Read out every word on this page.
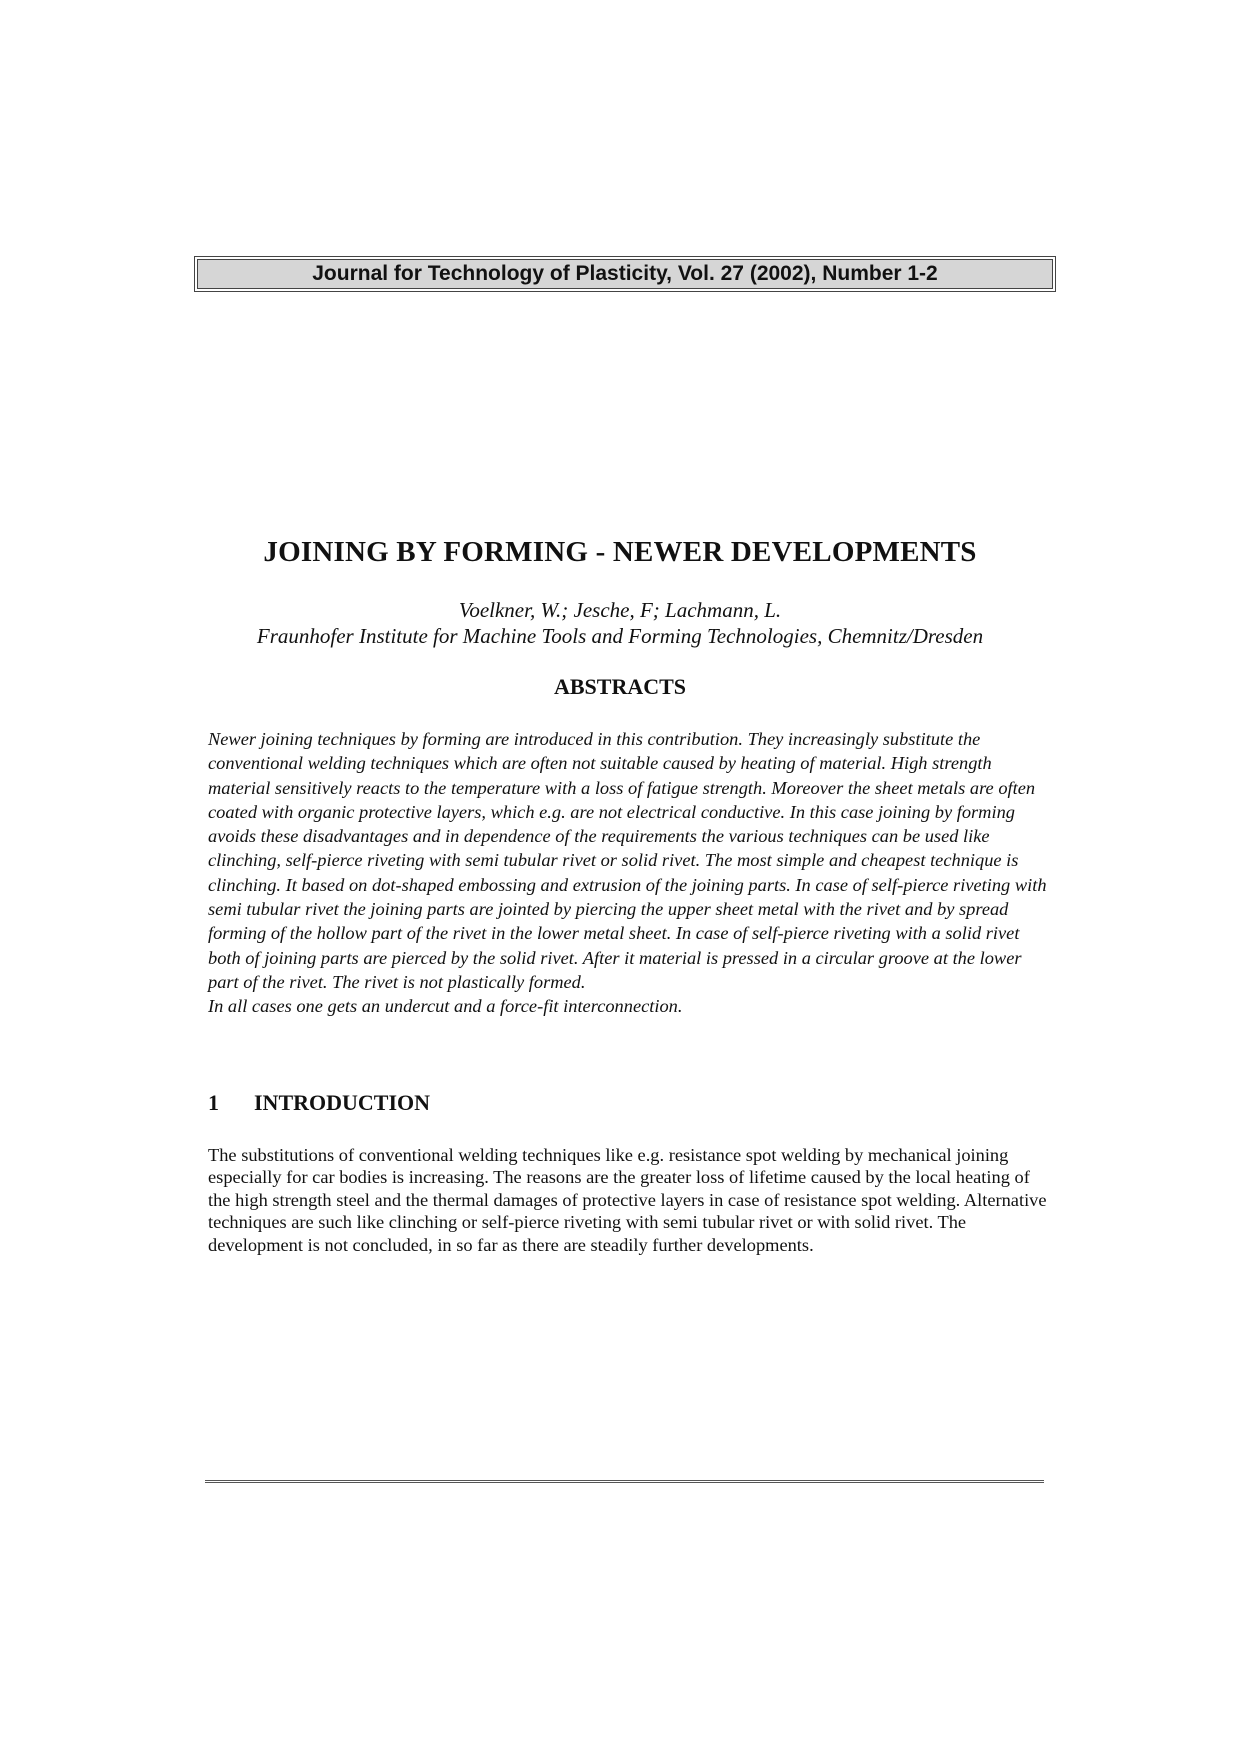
Journal for Technology of Plasticity, Vol. 27 (2002), Number 1-2
JOINING BY FORMING - NEWER DEVELOPMENTS

Voelkner, W.; Jesche, F; Lachmann, L.

Fraunhofer Institute for Machine Tools and Forming Technologies, Chemnitz/Dresden

ABSTRACTS

Newer joining techniques by forming are introduced in this contribution. They increasingly substitute the conventional welding techniques which are often not suitable caused by heating of material. High strength material sensitively reacts to the temperature with a loss of fatigue strength. Moreover the sheet metals are often coated with organic protective layers, which e.g. are not electrical conductive. In this case joining by forming avoids these disadvantages and in dependence of the requirements the various techniques can be used like clinching, self-pierce riveting with semi tubular rivet or solid rivet. The most simple and cheapest technique is clinching. It based on dot-shaped embossing and extrusion of the joining parts. In case of self-pierce riveting with semi tubular rivet the joining parts are jointed by piercing the upper sheet metal with the rivet and by spread forming of the hollow part of the rivet in the lower metal sheet. In case of self-pierce riveting with a solid rivet both of joining parts are pierced by the solid rivet. After it material is pressed in a circular groove at the lower part of the rivet. The rivet is not plastically formed.

In all cases one gets an undercut and a force-fit interconnection.

1	INTRODUCTION

The substitutions of conventional welding techniques like e.g. resistance spot welding by mechanical joining especially for car bodies is increasing. The reasons are the greater loss of lifetime caused by the local heating of the high strength steel and the thermal damages of protective layers in case of resistance spot welding. Alternative techniques are such like clinching or self-pierce riveting with semi tubular rivet or with solid rivet. The development is not concluded, in so far as there are steadily further developments.
